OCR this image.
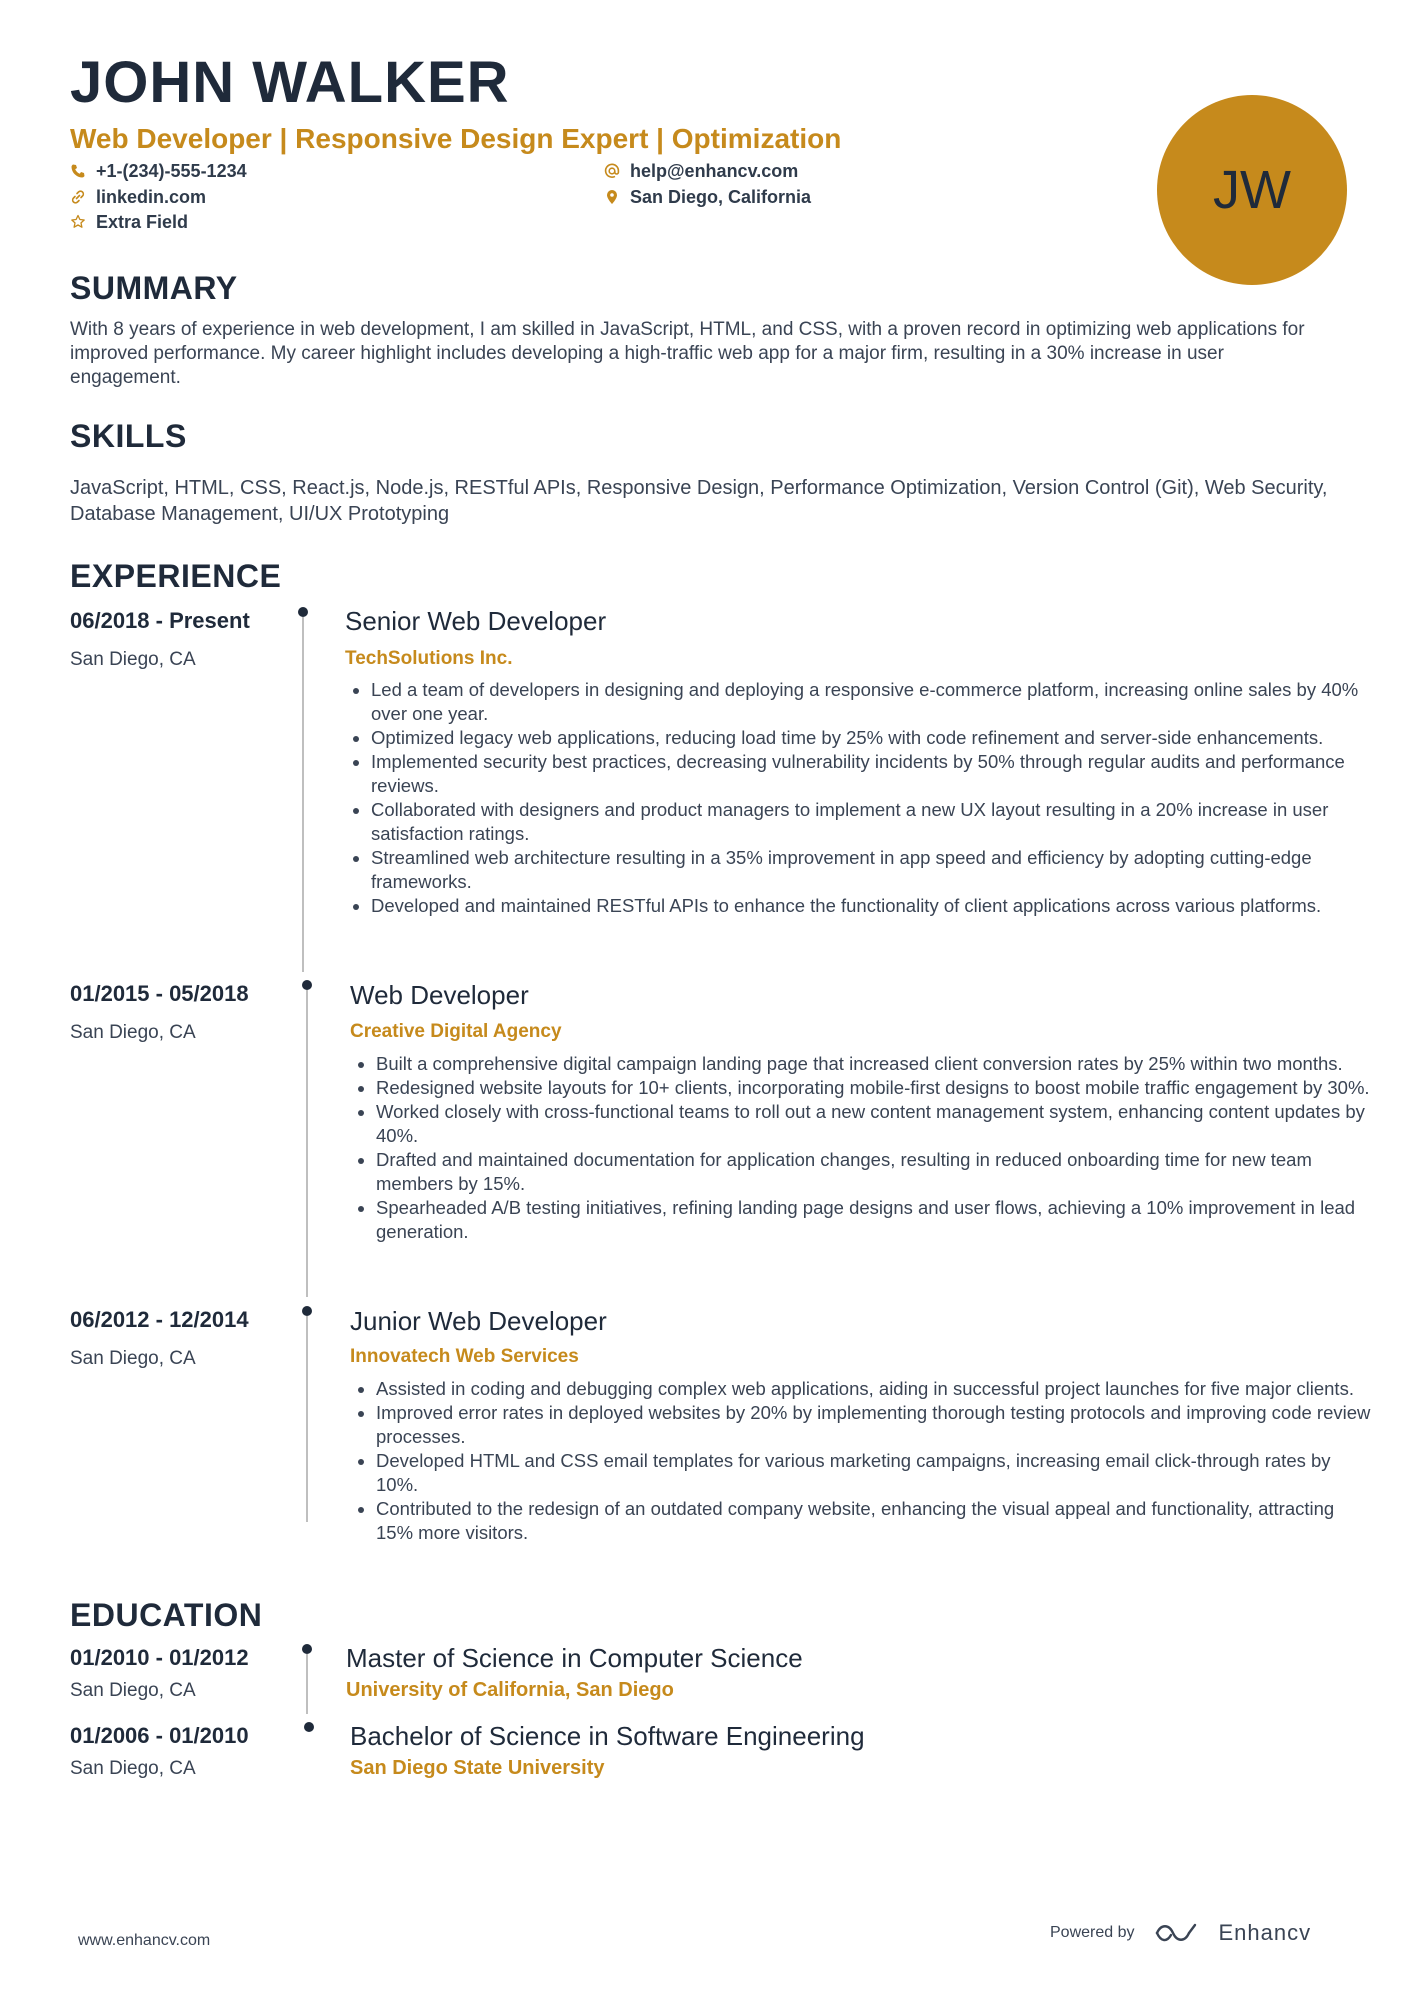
JOHN WALKER
Web Developer | Responsive Design Expert | Optimization
+1-(234)-555-1234	help@enhancv.com
linkedin.com	San Diego, California
Extra Field
JW
SUMMARY
With 8 years of experience in web development, I am skilled in JavaScript, HTML, and CSS, with a proven record in optimizing web applications for improved performance. My career highlight includes developing a high-traffic web app for a major firm, resulting in a 30% increase in user engagement.
SKILLS
JavaScript, HTML, CSS, React.js, Node.js, RESTful APIs, Responsive Design, Performance Optimization, Version Control (Git), Web Security, Database Management, UI/UX Prototyping
EXPERIENCE
06/2018 - Present
San Diego, CA
Senior Web Developer
TechSolutions Inc.
• Led a team of developers in designing and deploying a responsive e-commerce platform, increasing online sales by 40% over one year.
• Optimized legacy web applications, reducing load time by 25% with code refinement and server-side enhancements.
• Implemented security best practices, decreasing vulnerability incidents by 50% through regular audits and performance reviews.
• Collaborated with designers and product managers to implement a new UX layout resulting in a 20% increase in user satisfaction ratings.
• Streamlined web architecture resulting in a 35% improvement in app speed and efficiency by adopting cutting-edge frameworks.
• Developed and maintained RESTful APIs to enhance the functionality of client applications across various platforms.
01/2015 - 05/2018
San Diego, CA
Web Developer
Creative Digital Agency
• Built a comprehensive digital campaign landing page that increased client conversion rates by 25% within two months.
• Redesigned website layouts for 10+ clients, incorporating mobile-first designs to boost mobile traffic engagement by 30%.
• Worked closely with cross-functional teams to roll out a new content management system, enhancing content updates by 40%.
• Drafted and maintained documentation for application changes, resulting in reduced onboarding time for new team members by 15%.
• Spearheaded A/B testing initiatives, refining landing page designs and user flows, achieving a 10% improvement in lead generation.
06/2012 - 12/2014
San Diego, CA
Junior Web Developer
Innovatech Web Services
• Assisted in coding and debugging complex web applications, aiding in successful project launches for five major clients.
• Improved error rates in deployed websites by 20% by implementing thorough testing protocols and improving code review processes.
• Developed HTML and CSS email templates for various marketing campaigns, increasing email click-through rates by 10%.
• Contributed to the redesign of an outdated company website, enhancing the visual appeal and functionality, attracting 15% more visitors.
EDUCATION
01/2010 - 01/2012
San Diego, CA
Master of Science in Computer Science
University of California, San Diego
01/2006 - 01/2010
San Diego, CA
Bachelor of Science in Software Engineering
San Diego State University
www.enhancv.com	Powered by	Enhancv
